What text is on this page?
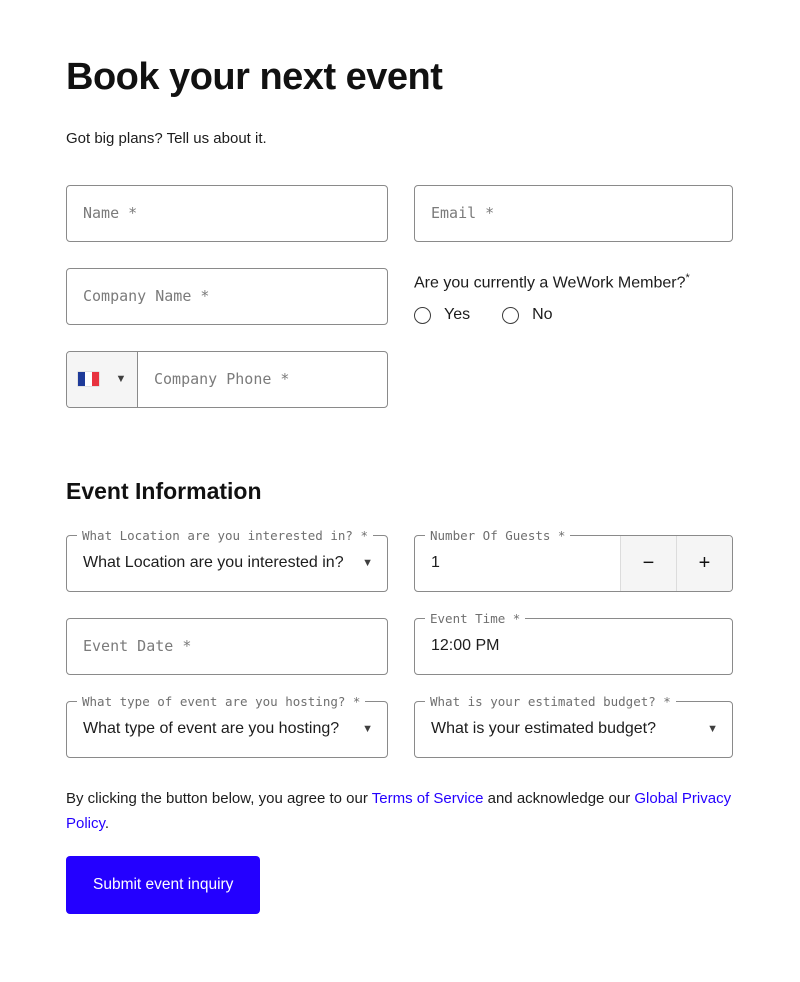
Book your next event

Got big plans? Tell us about it.

Name *
Email *
Company Name *
Are you currently a WeWork Member?*
Yes	No
▼
Company Phone *
Event Information
What Location are you interested in? *
What Location are you interested in? ▼
Number Of Guests *
1
−	+
Event Date *
Event Time *
12:00 PM
What type of event are you hosting? *
What type of event are you hosting? ▼
What is your estimated budget? *
What is your estimated budget?	▼

By clicking the button below, you agree to our Terms of Service and acknowledge our Global Privacy Policy.

Submit event inquiry
